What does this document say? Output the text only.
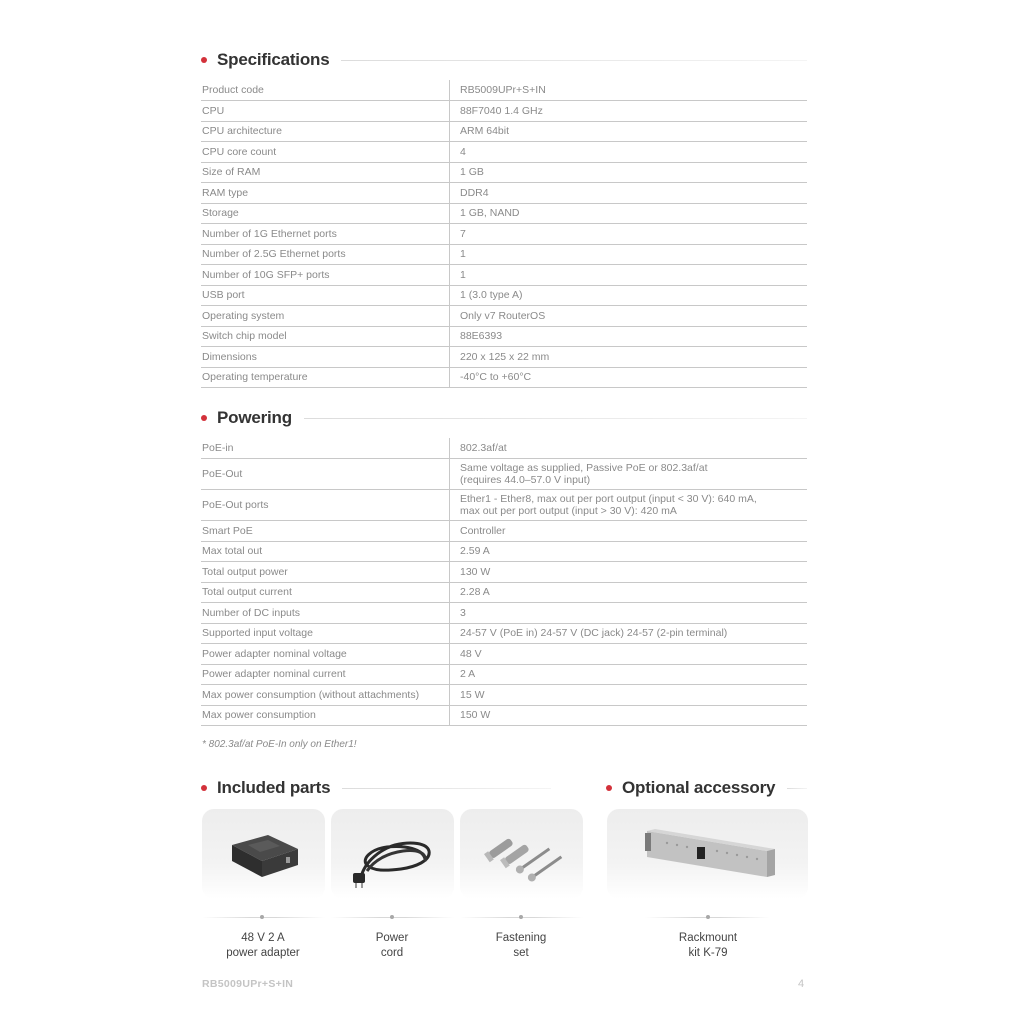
Specifications
Product code	RB5009UPr+S+IN
CPU	88F7040 1.4 GHz
CPU architecture	ARM 64bit
CPU core count	4
Size of RAM	1 GB
RAM type	DDR4
Storage	1 GB, NAND
Number of 1G Ethernet ports	7
Number of 2.5G Ethernet ports	1
Number of 10G SFP+ ports	1
USB port	1 (3.0 type A)
Operating system	Only v7 RouterOS
Switch chip model	88E6393
Dimensions	220 x 125 x 22 mm
Operating temperature	-40°C to +60°C
Powering
PoE-in	802.3af/at
PoE-Out	Same voltage as supplied, Passive PoE or 802.3af/at
(requires 44.0–57.0 V input)

PoE-Out ports	Ether1 - Ether8, max out per port output (input < 30 V): 640 mA,
max out per port output (input > 30 V): 420 mA

Smart PoE	Controller
Max total out	2.59 A
Total output power	130 W
Total output current	2.28 A
Number of DC inputs	3
Supported input voltage	24-57 V (PoE in) 24-57 V (DC jack) 24-57 (2-pin terminal)
Power adapter nominal voltage	48 V
Power adapter nominal current	2 A
Max power consumption (without attachments)	15 W
Max power consumption	150 W
* 802.3af/at PoE-In only on Ether1!
Included parts	Optional accessory
48 V 2 A
power adapter
Power
cord
Fastening
set
Rackmount
kit K-79
RB5009UPr+S+IN	4
